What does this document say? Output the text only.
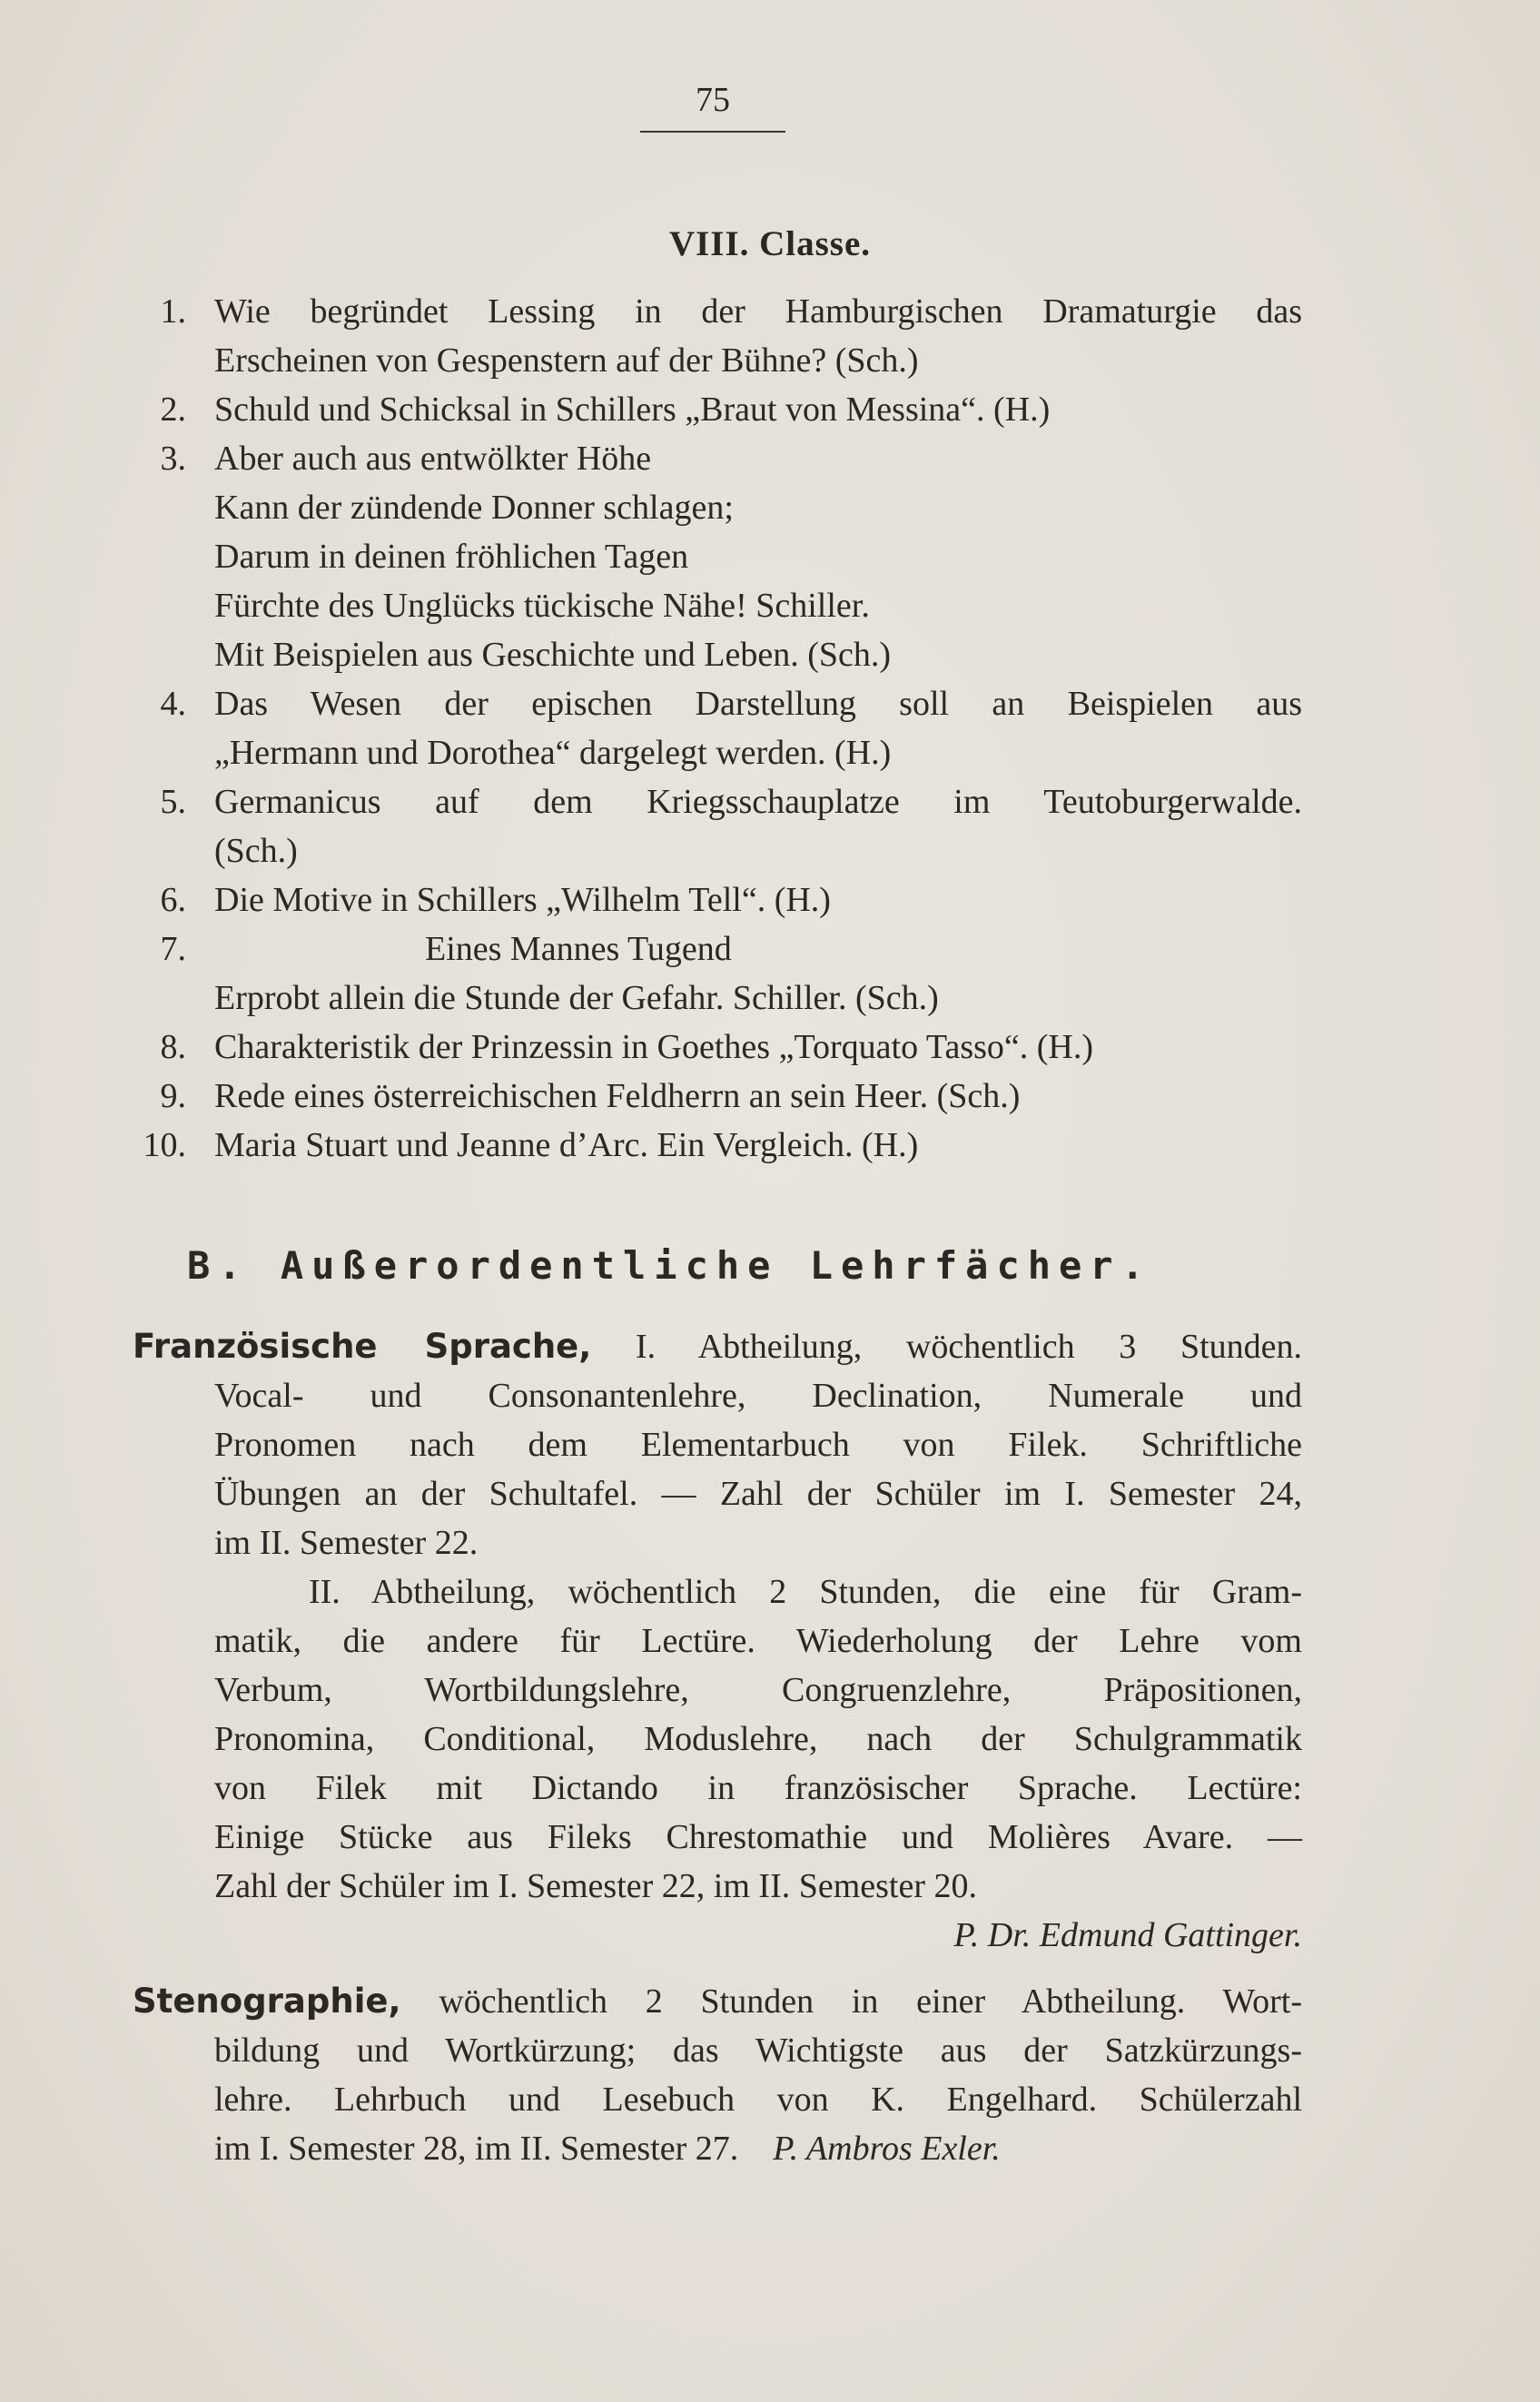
75
VIII. Classe.
1. Wie begründet Lessing in der Hamburgischen Dramaturgie das
Erscheinen von Gespenstern auf der Bühne? (Sch.)
2. Schuld und Schicksal in Schillers „Braut von Messina“. (H.)
3. Aber auch aus entwölkter Höhe
Kann der zündende Donner schlagen;
Darum in deinen fröhlichen Tagen
Fürchte des Unglücks tückische Nähe! Schiller.
Mit Beispielen aus Geschichte und Leben. (Sch.)
4. Das Wesen der epischen Darstellung soll an Beispielen aus
„Hermann und Dorothea“ dargelegt werden. (H.)
5. Germanicus auf dem Kriegsschauplatze im Teutoburgerwalde.
(Sch.)
6. Die Motive in Schillers „Wilhelm Tell“. (H.)
7.	Eines Mannes Tugend
Erprobt allein die Stunde der Gefahr. Schiller. (Sch.)
8. Charakteristik der Prinzessin in Goethes „Torquato Tasso“. (H.)
9. Rede eines österreichischen Feldherrn an sein Heer. (Sch.)
10. Maria Stuart und Jeanne d’Arc. Ein Vergleich. (H.)
B. Außerordentliche Lehrfächer.
Französische Sprache, I. Abtheilung, wöchentlich 3 Stunden.
Vocal- und Consonantenlehre, Declination, Numerale und
Pronomen nach dem Elementarbuch von Filek. Schriftliche
Übungen an der Schultafel. — Zahl der Schüler im I. Semester 24,
im II. Semester 22.
II. Abtheilung, wöchentlich 2 Stunden, die eine für Gram-
matik, die andere für Lectüre. Wiederholung der Lehre vom
Verbum, Wortbildungslehre, Congruenzlehre, Präpositionen,
Pronomina, Conditional, Moduslehre, nach der Schulgrammatik
von Filek mit Dictando in französischer Sprache. Lectüre:
Einige Stücke aus Fileks Chrestomathie und Molières Avare. —
Zahl der Schüler im I. Semester 22, im II. Semester 20.
P. Dr. Edmund Gattinger.
Stenographie, wöchentlich 2 Stunden in einer Abtheilung. Wort-
bildung und Wortkürzung; das Wichtigste aus der Satzkürzungs-
lehre. Lehrbuch und Lesebuch von K. Engelhard. Schülerzahl
im I. Semester 28, im II. Semester 27. P. Ambros Exler.
